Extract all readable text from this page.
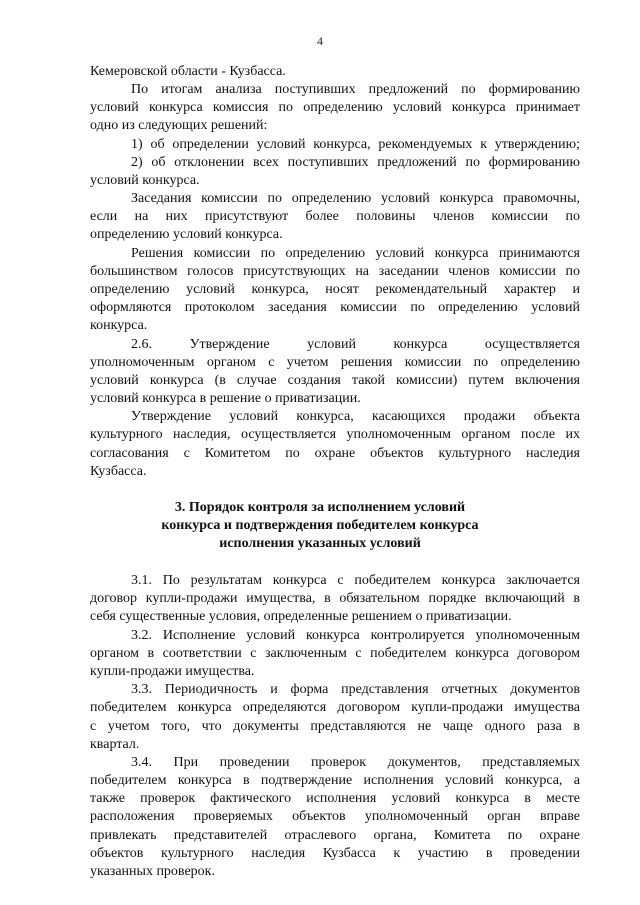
4
Кемеровской области - Кузбасса.
По итогам анализа поступивших предложений по формированию
условий конкурса комиссия по определению условий конкурса принимает
одно из следующих решений:
1) об определении условий конкурса, рекомендуемых к утверждению;
2) об отклонении всех поступивших предложений по формированию
условий конкурса.
Заседания комиссии по определению условий конкурса правомочны,
если на них присутствуют более половины членов комиссии по
определению условий конкурса.
Решения комиссии по определению условий конкурса принимаются
большинством голосов присутствующих на заседании членов комиссии по
определению условий конкурса, носят рекомендательный характер и
оформляются протоколом заседания комиссии по определению условий
конкурса.
2.6. Утверждение условий конкурса осуществляется
уполномоченным органом с учетом решения комиссии по определению
условий конкурса (в случае создания такой комиссии) путем включения
условий конкурса в решение о приватизации.
Утверждение условий конкурса, касающихся продажи объекта
культурного наследия, осуществляется уполномоченным органом после их
согласования с Комитетом по охране объектов культурного наследия
Кузбасса.
3. Порядок контроля за исполнением условий
конкурса и подтверждения победителем конкурса
исполнения указанных условий
3.1. По результатам конкурса с победителем конкурса заключается
договор купли-продажи имущества, в обязательном порядке включающий в
себя существенные условия, определенные решением о приватизации.
3.2. Исполнение условий конкурса контролируется уполномоченным
органом в соответствии с заключенным с победителем конкурса договором
купли-продажи имущества.
3.3. Периодичность и форма представления отчетных документов
победителем конкурса определяются договором купли-продажи имущества
с учетом того, что документы представляются не чаще одного раза в
квартал.
3.4. При проведении проверок документов, представляемых
победителем конкурса в подтверждение исполнения условий конкурса, а
также проверок фактического исполнения условий конкурса в месте
расположения проверяемых объектов уполномоченный орган вправе
привлекать представителей отраслевого органа, Комитета по охране
объектов культурного наследия Кузбасса к участию в проведении
указанных проверок.
